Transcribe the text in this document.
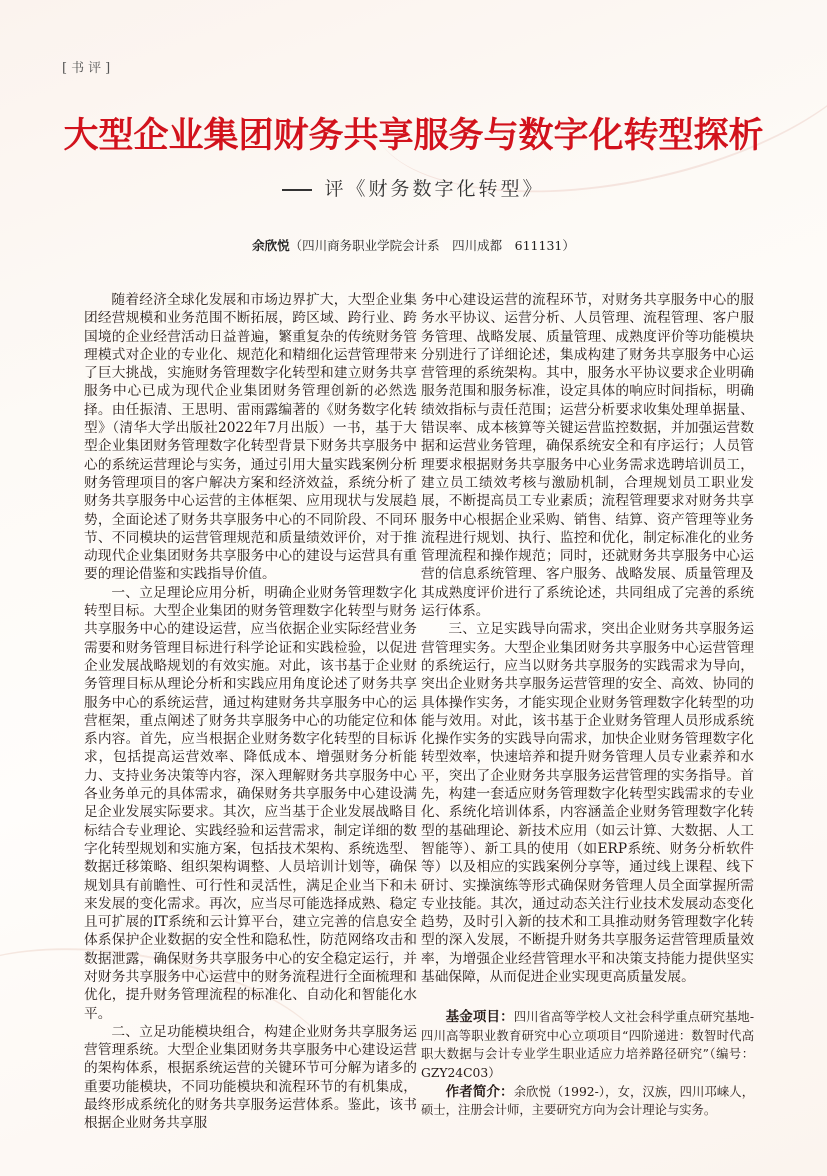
[书评]
大型企业集团财务共享服务与数字化转型探析
评《财务数字化转型》
余欣悦（四川商务职业学院会计系　四川成都　611131）

随着经济全球化发展和市场边界扩大，大型企业集团经营规模和业务范围不断拓展，跨区域、跨行业、跨国境的企业经营活动日益普遍，繁重复杂的传统财务管理模式对企业的专业化、规范化和精细化运营管理带来了巨大挑战，实施财务管理数字化转型和建立财务共享服务中心已成为现代企业集团财务管理创新的必然选择。由任振清、王思明、雷雨露编著的《财务数字化转型》（清华大学出版社2022年7月出版）一书，基于大型企业集团财务管理数字化转型背景下财务共享服务中心的系统运营理论与实务，通过引用大量实践案例分析财务管理项目的客户解决方案和经济效益，系统分析了财务共享服务中心运营的主体框架、应用现状与发展趋势，全面论述了财务共享服务中心的不同阶段、不同环节、不同模块的运营管理规范和质量绩效评价，对于推动现代企业集团财务共享服务中心的建设与运营具有重要的理论借鉴和实践指导价值。

一、立足理论应用分析，明确企业财务管理数字化转型目标。大型企业集团的财务管理数字化转型与财务共享服务中心的建设运营，应当依据企业实际经营业务需要和财务管理目标进行科学论证和实践检验，以促进企业发展战略规划的有效实施。对此，该书基于企业财务管理目标从理论分析和实践应用角度论述了财务共享服务中心的系统运营，通过构建财务共享服务中心的运营框架，重点阐述了财务共享服务中心的功能定位和体系内容。首先，应当根据企业财务数字化转型的目标诉求，包括提高运营效率、降低成本、增强财务分析能力、支持业务决策等内容，深入理解财务共享服务中心各业务单元的具体需求，确保财务共享服务中心建设满足企业发展实际要求。其次，应当基于企业发展战略目标结合专业理论、实践经验和运营需求，制定详细的数字化转型规划和实施方案，包括技术架构、系统选型、数据迁移策略、组织架构调整、人员培训计划等，确保规划具有前瞻性、可行性和灵活性，满足企业当下和未来发展的变化需求。再次，应当尽可能选择成熟、稳定且可扩展的IT系统和云计算平台，建立完善的信息安全体系保护企业数据的安全性和隐私性，防范网络攻击和数据泄露，确保财务共享服务中心的安全稳定运行，并对财务共享服务中心运营中的财务流程进行全面梳理和优化，提升财务管理流程的标准化、自动化和智能化水平。

二、立足功能模块组合，构建企业财务共享服务运营管理系统。大型企业集团财务共享服务中心建设运营的架构体系，根据系统运营的关键环节可分解为诸多的重要功能模块，不同功能模块和流程环节的有机集成，最终形成系统化的财务共享服务运营体系。鉴此，该书根据企业财务共享服

务中心建设运营的流程环节，对财务共享服务中心的服务水平协议、运营分析、人员管理、流程管理、客户服务管理、战略发展、质量管理、成熟度评价等功能模块分别进行了详细论述，集成构建了财务共享服务中心运营管理的系统架构。其中，服务水平协议要求企业明确服务范围和服务标准，设定具体的响应时间指标，明确绩效指标与责任范围；运营分析要求收集处理单据量、错误率、成本核算等关键运营监控数据，并加强运营数据和运营业务管理，确保系统安全和有序运行；人员管理要求根据财务共享服务中心业务需求选聘培训员工，建立员工绩效考核与激励机制，合理规划员工职业发展，不断提高员工专业素质；流程管理要求对财务共享服务中心根据企业采购、销售、结算、资产管理等业务流程进行规划、执行、监控和优化，制定标准化的业务管理流程和操作规范；同时，还就财务共享服务中心运营的信息系统管理、客户服务、战略发展、质量管理及其成熟度评价进行了系统论述，共同组成了完善的系统运行体系。

三、立足实践导向需求，突出企业财务共享服务运营管理实务。大型企业集团财务共享服务中心运营管理的系统运行，应当以财务共享服务的实践需求为导向，突出企业财务共享服务运营管理的安全、高效、协同的具体操作实务，才能实现企业财务管理数字化转型的功能与效用。对此，该书基于企业财务管理人员形成系统化操作实务的实践导向需求，加快企业财务管理数字化转型效率，快速培养和提升财务管理人员专业素养和水平，突出了企业财务共享服务运营管理的实务指导。首先，构建一套适应财务管理数字化转型实践需求的专业化、系统化培训体系，内容涵盖企业财务管理数字化转型的基础理论、新技术应用（如云计算、大数据、人工智能等）、新工具的使用（如ERP系统、财务分析软件等）以及相应的实践案例分享等，通过线上课程、线下研讨、实操演练等形式确保财务管理人员全面掌握所需专业技能。其次，通过动态关注行业技术发展动态变化趋势，及时引入新的技术和工具推动财务管理数字化转型的深入发展，不断提升财务共享服务运营管理质量效率，为增强企业经营管理水平和决策支持能力提供坚实基础保障，从而促进企业实现更高质量发展。

基金项目：四川省高等学校人文社会科学重点研究基地-四川高等职业教育研究中心立项项目“四阶递进：数智时代高职大数据与会计专业学生职业适应力培养路径研究”（编号：GZY24C03）

作者简介：余欣悦（1992-），女，汉族，四川邛崃人，硕士，注册会计师，主要研究方向为会计理论与实务。
